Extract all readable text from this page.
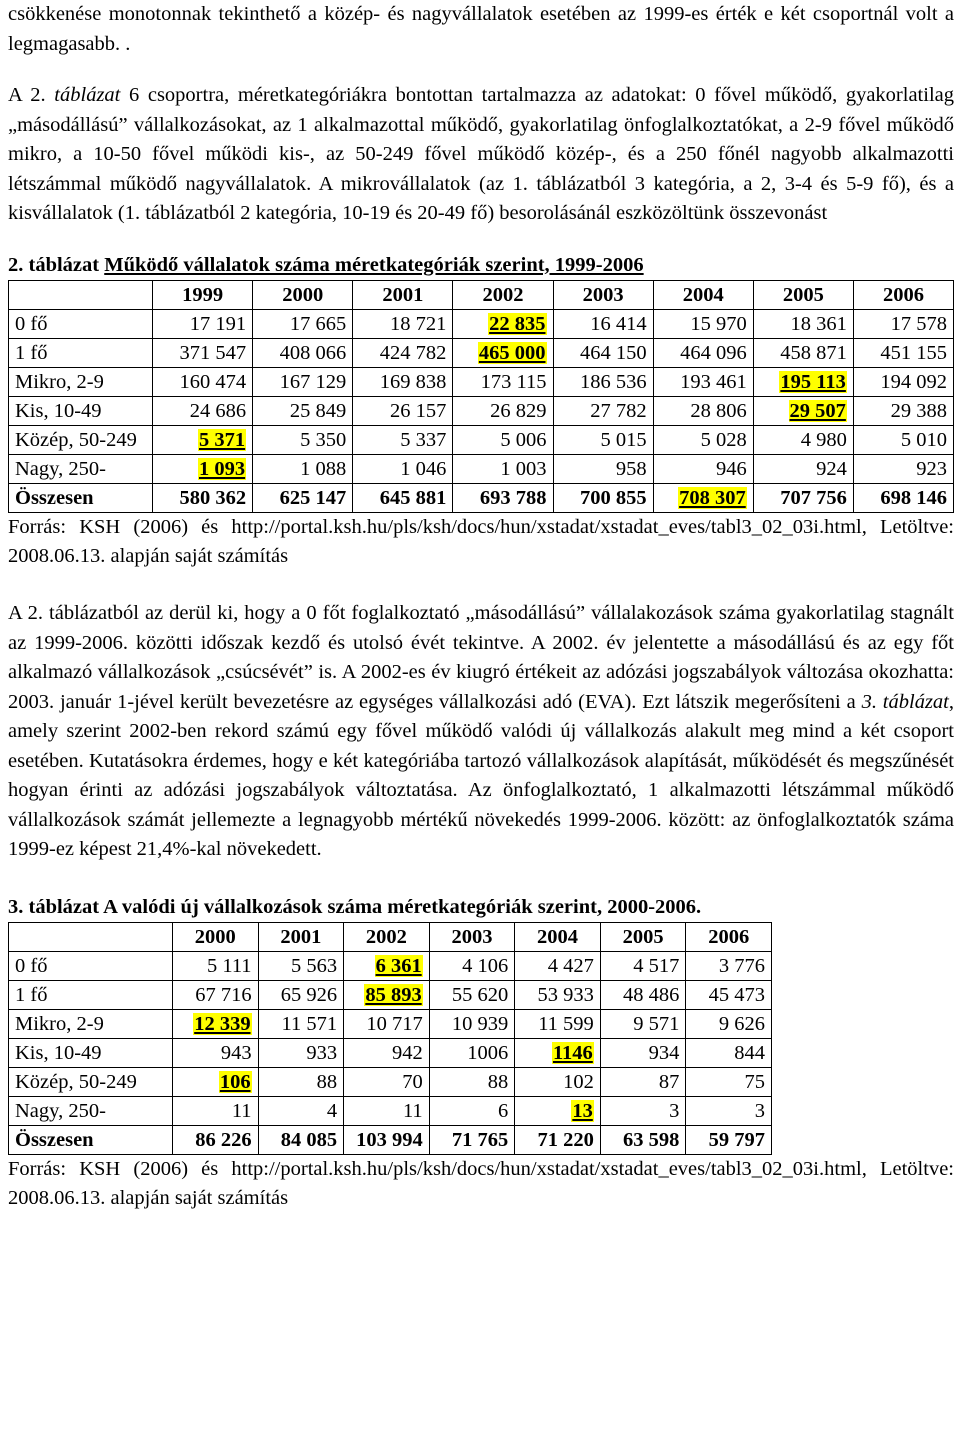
csökkenése monotonnak tekinthető a közép- és nagyvállalatok esetében az 1999-es érték e két csoportnál volt a legmagasabb. .

A 2. táblázat 6 csoportra, méretkategóriákra bontottan tartalmazza az adatokat: 0 fővel működő, gyakorlatilag „másodállású” vállalkozásokat, az 1 alkalmazottal működő, gyakorlatilag önfoglalkoztatókat, a 2-9 fővel működő mikro, a 10-50 fővel működi kis-, az 50-249 fővel működő közép-, és a 250 főnél nagyobb alkalmazotti létszámmal működő nagyvállalatok. A mikrovállalatok (az 1. táblázatból 3 kategória, a 2, 3-4 és 5-9 fő), és a kisvállalatok (1. táblázatból 2 kategória, 10-19 és 20-49 fő) besorolásánál eszközöltünk összevonást

2. táblázat Működő vállalatok száma méretkategóriák szerint, 1999-2006

	1999	2000	2001	2002	2003	2004	2005	2006
0 fő	17 191	17 665	18 721	22 835	16 414	15 970	18 361	17 578
1 fő	371 547	408 066	424 782	465 000	464 150	464 096	458 871	451 155
Mikro, 2-9	160 474	167 129	169 838	173 115	186 536	193 461	195 113	194 092
Kis, 10-49	24 686	25 849	26 157	26 829	27 782	28 806	29 507	29 388
Közép, 50-249	5 371	5 350	5 337	5 006	5 015	5 028	4 980	5 010
Nagy, 250-	1 093	1 088	1 046	1 003	958	946	924	923
Összesen	580 362	625 147	645 881	693 788	700 855	708 307	707 756	698 146

Forrás: KSH (2006) és http://portal.ksh.hu/pls/ksh/docs/hun/xstadat/xstadat_eves/tabl3_02_03i.html, Letöltve: 2008.06.13. alapján saját számítás

A 2. táblázatból az derül ki, hogy a 0 főt foglalkoztató „másodállású” vállalakozások száma gyakorlatilag stagnált az 1999-2006. közötti időszak kezdő és utolsó évét tekintve. A 2002. év jelentette a másodállású és az egy főt alkalmazó vállalkozások „csúcsévét” is. A 2002-es év kiugró értékeit az adózási jogszabályok változása okozhatta: 2003. január 1-jével került bevezetésre az egységes vállalkozási adó (EVA). Ezt látszik megerősíteni a 3. táblázat, amely szerint 2002-ben rekord számú egy fővel működő valódi új vállalkozás alakult meg mind a két csoport esetében. Kutatásokra érdemes, hogy e két kategóriába tartozó vállalkozások alapítását, működését és megszűnését hogyan érinti az adózási jogszabályok változtatása. Az önfoglalkoztató, 1 alkalmazotti létszámmal működő vállalkozások számát jellemezte a legnagyobb mértékű növekedés 1999-2006. között: az önfoglalkoztatók száma 1999-ez képest 21,4%-kal növekedett.

3. táblázat A valódi új vállalkozások száma méretkategóriák szerint, 2000-2006.

	2000	2001	2002	2003	2004	2005	2006
0 fő	5 111	5 563	6 361	4 106	4 427	4 517	3 776
1 fő	67 716	65 926	85 893	55 620	53 933	48 486	45 473
Mikro, 2-9	12 339	11 571	10 717	10 939	11 599	9 571	9 626
Kis, 10-49	943	933	942	1006	1146	934	844
Közép, 50-249	106	88	70	88	102	87	75
Nagy, 250-	11	4	11	6	13	3	3
Összesen	86 226	84 085	103 994	71 765	71 220	63 598	59 797

Forrás: KSH (2006) és http://portal.ksh.hu/pls/ksh/docs/hun/xstadat/xstadat_eves/tabl3_02_03i.html, Letöltve: 2008.06.13. alapján saját számítás
